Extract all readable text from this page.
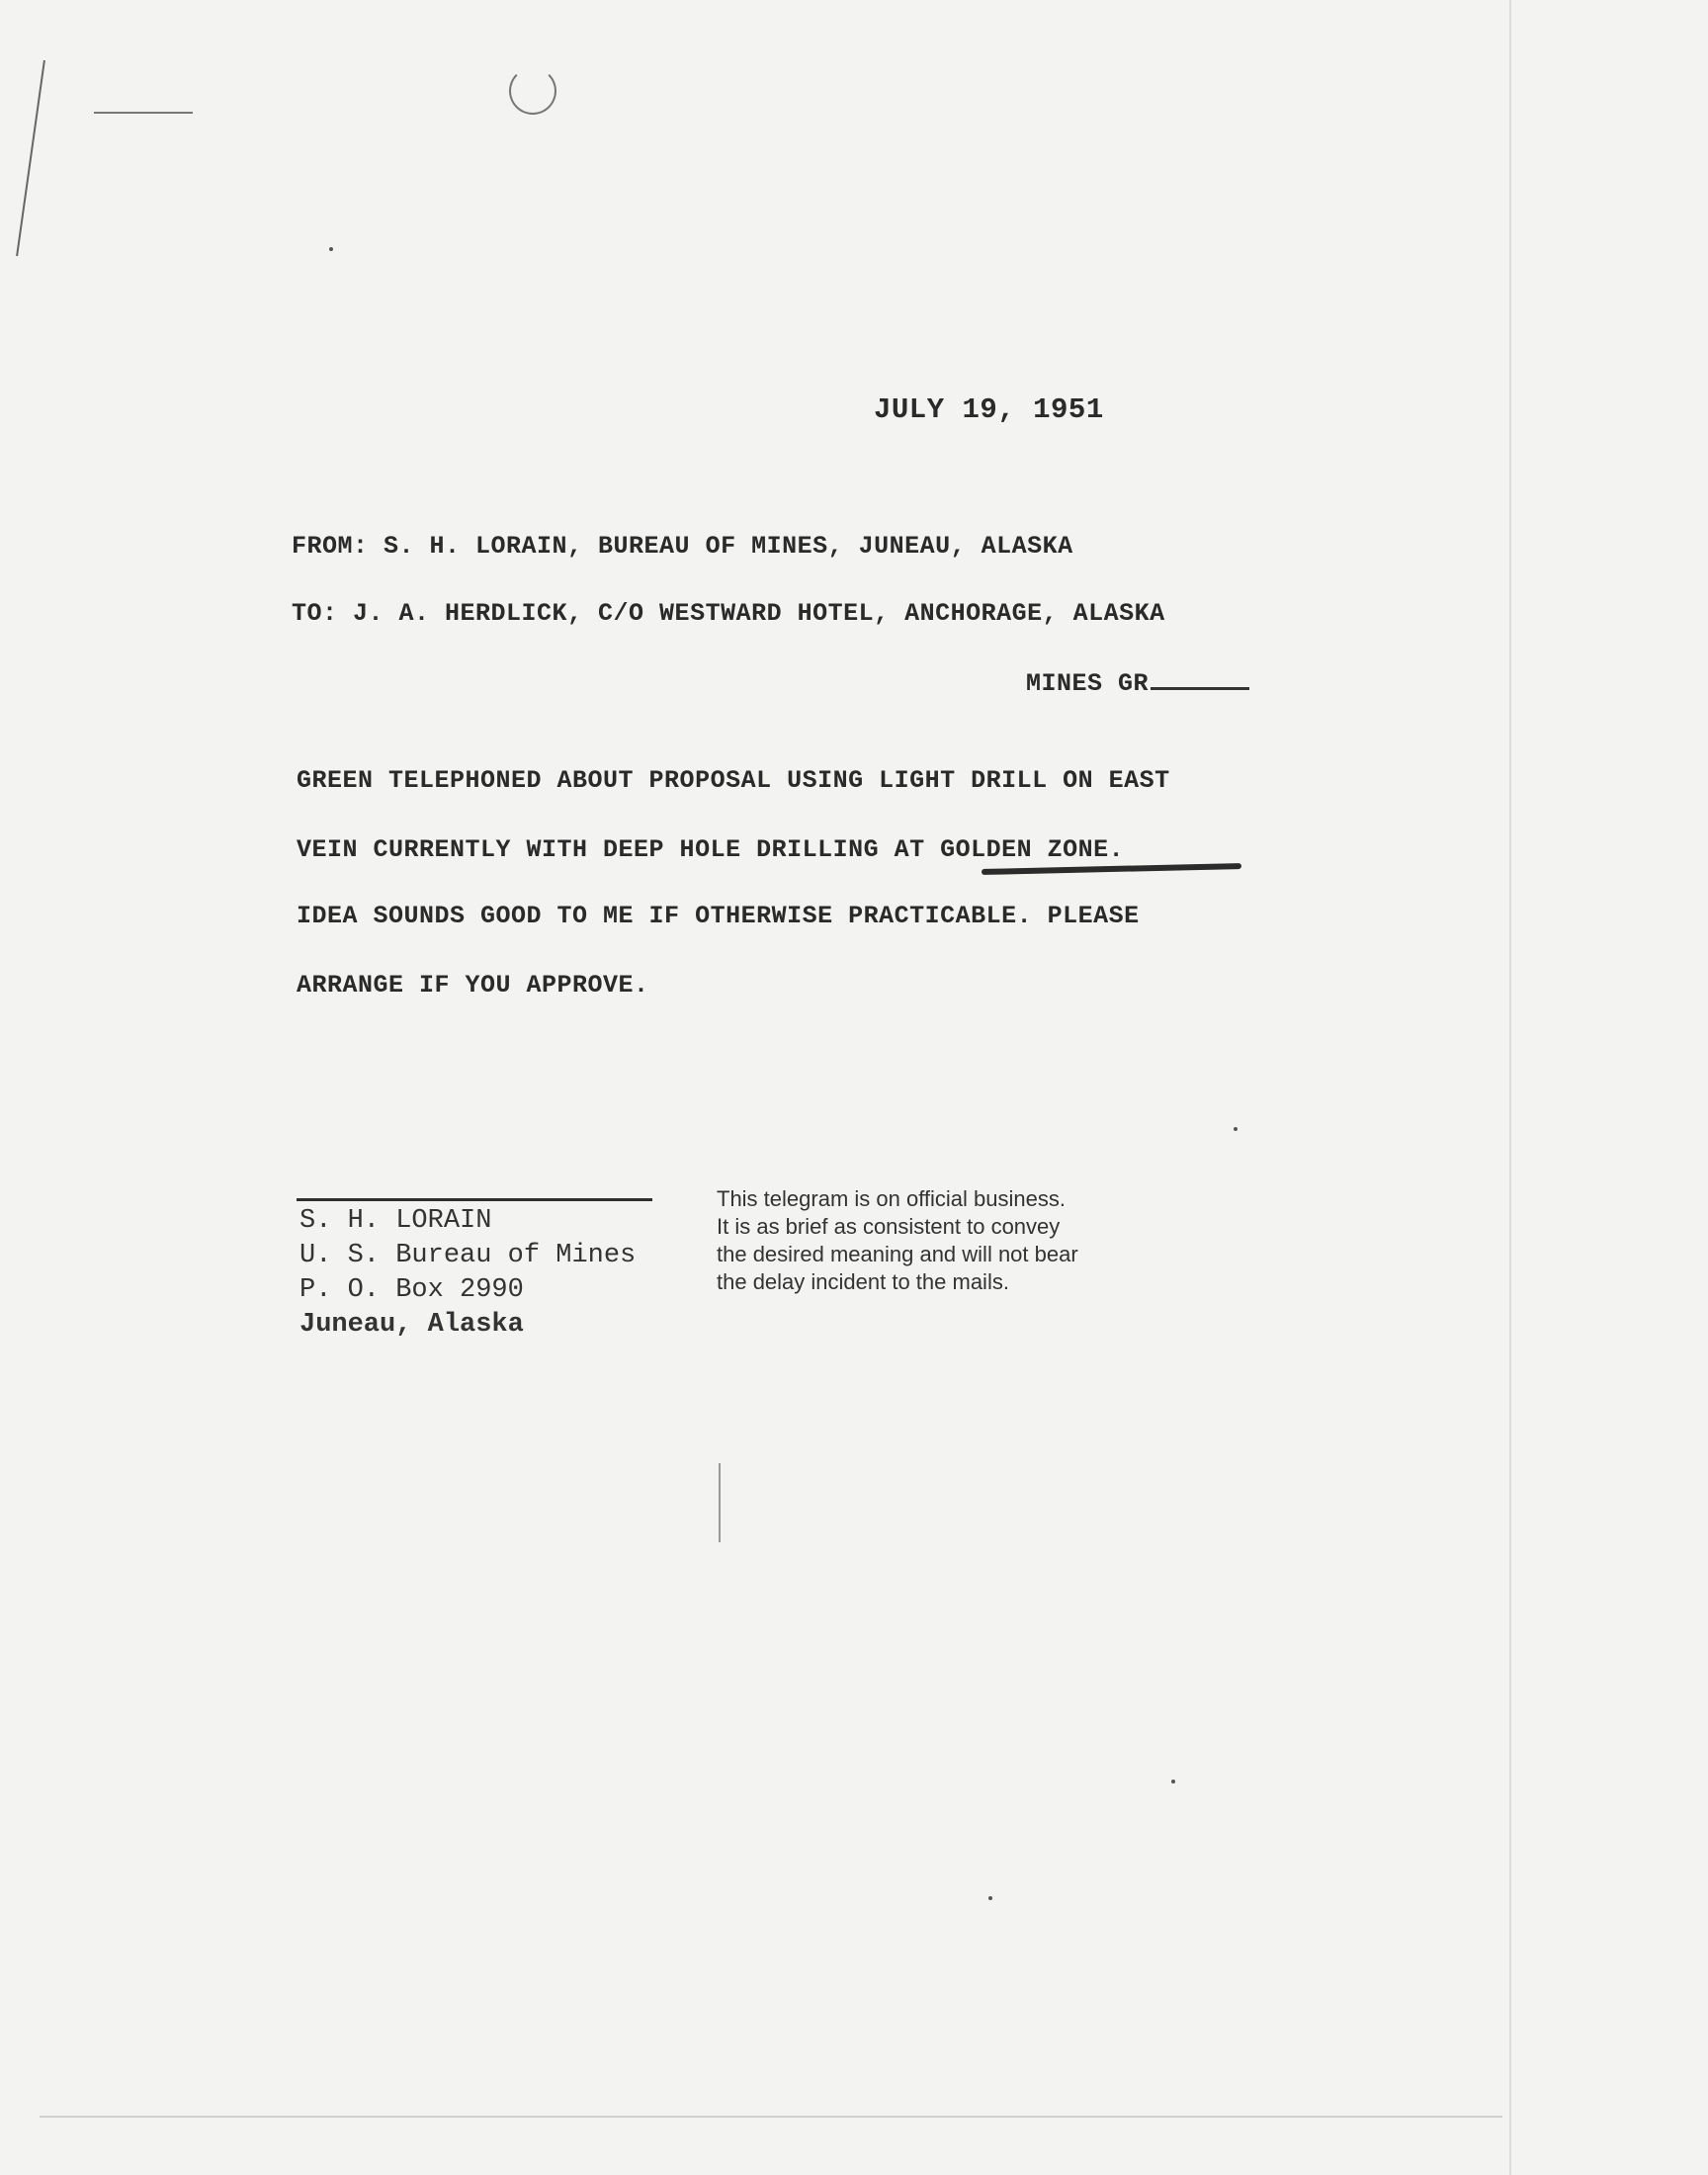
JULY 19, 1951

FROM: S. H. LORAIN, BUREAU OF MINES, JUNEAU, ALASKA

TO: J. A. HERDLICK, C/O WESTWARD HOTEL, ANCHORAGE, ALASKA

MINES GR

GREEN TELEPHONED ABOUT PROPOSAL USING LIGHT DRILL ON EAST

VEIN CURRENTLY WITH DEEP HOLE DRILLING AT GOLDEN ZONE.

IDEA SOUNDS GOOD TO ME IF OTHERWISE PRACTICABLE. PLEASE

ARRANGE IF YOU APPROVE.

S. H. LORAIN
U. S. Bureau of Mines
P. O. Box 2990
Juneau, Alaska
This telegram is on official business.
It is as brief as consistent to convey
the desired meaning and will not bear
the delay incident to the mails.
